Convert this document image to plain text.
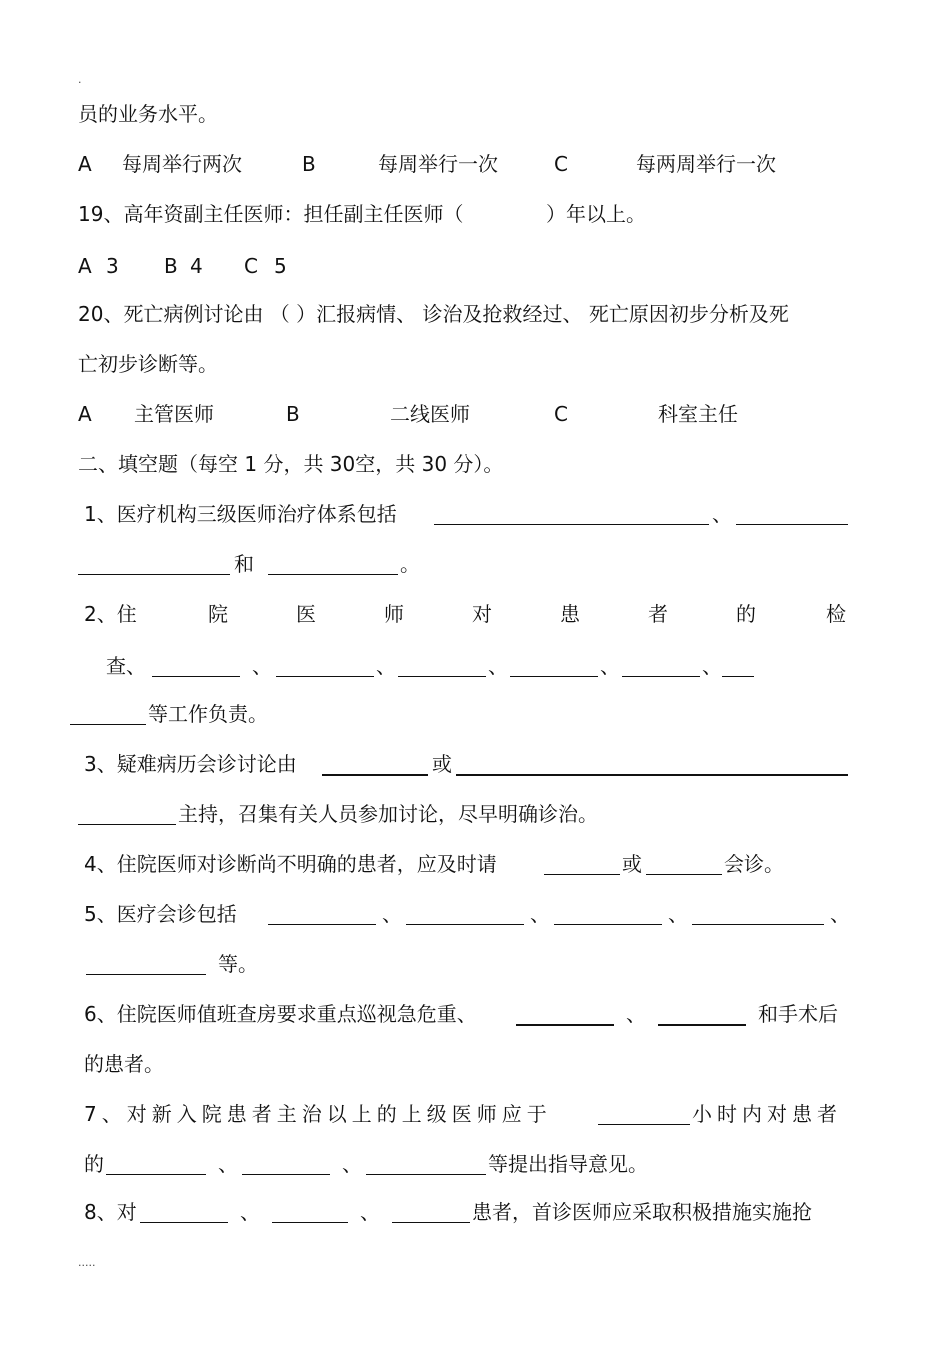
.
.....
员的业务水平。
A 每周举行两次	B	每周举行一次	C	每两周举行一次
19、高年资副主任医师：担任副主任医师（	）年以上。
A 3 B 4 C 5
20、死亡病例讨论由 （ ）汇报病情、 诊治及抢救经过、 死亡原因初步分析及死
亡初步诊断等。
A 主管医师	B	二线医师	C	科室主任
二、填空题（每空 1 分，共 30空，共 30 分）。
1、医疗机构三级医师治疗体系包括	、
和	。
2、住	院	医	师	对	患	者	的	检
查、	、	、	、	、	、
等工作负责。
3、疑难病历会诊讨论由	或
主持，召集有关人员参加讨论，尽早明确诊治。
4、住院医师对诊断尚不明确的患者，应及时请	或	会诊。
5、医疗会诊包括	、	、	、	、
等。
6、住院医师值班查房要求重点巡视急危重、	、	和手术后
的患者。
7、对新入院患者主治以上的上级医师应于	小时内对患者
的	、	、	等提出指导意见。
8、对	、	、	患者，首诊医师应采取积极措施实施抢
